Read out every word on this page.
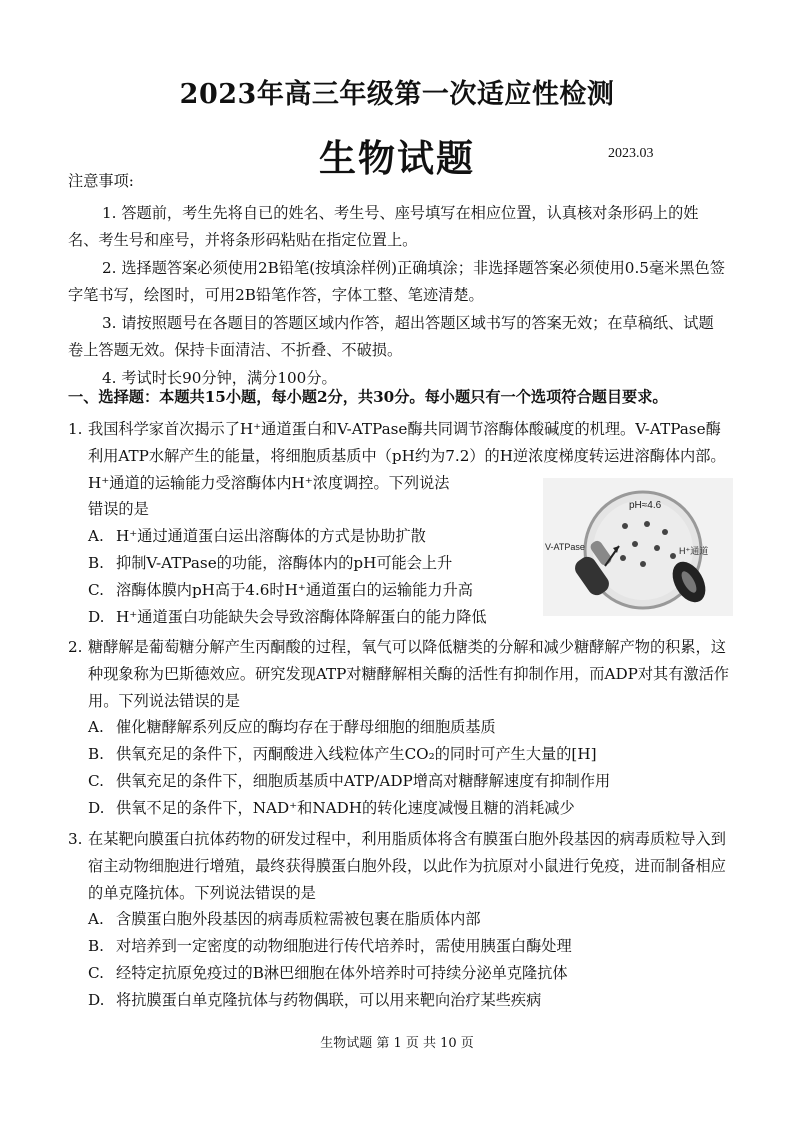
2023年高三年级第一次适应性检测
生物试题	2023.03
注意事项:

1. 答题前，考生先将自已的姓名、考生号、座号填写在相应位置，认真核对条形码上的姓名、考生号和座号，并将条形码粘贴在指定位置上。

2. 选择题答案必须使用2B铅笔(按填涂样例)正确填涂；非选择题答案必须使用0.5毫米黑色签字笔书写，绘图时，可用2B铅笔作答，字体工整、笔迹清楚。

3. 请按照题号在各题目的答题区域内作答，超出答题区域书写的答案无效；在草稿纸、试题卷上答题无效。保持卡面清洁、不折叠、不破损。

4. 考试时长90分钟，满分100分。

一、选择题：本题共15小题，每小题2分，共30分。每小题只有一个选项符合题目要求。

1. 我国科学家首次揭示了H⁺通道蛋白和V-ATPase酶共同调节溶酶体酸碱度的机理。V-ATPase酶利用ATP水解产生的能量，将细胞质基质中（pH约为7.2）的H逆浓度梯度转运进溶酶体内部。H⁺通道的运输能力受溶酶体内H⁺浓度调控。下列说法

错误的是

A. H⁺通过通道蛋白运出溶酶体的方式是协助扩散
B. 抑制V-ATPase的功能，溶酶体内的pH可能会上升
C. 溶酶体膜内pH高于4.6时H⁺通道蛋白的运输能力升高
D. H⁺通道蛋白功能缺失会导致溶酶体降解蛋白的能力降低
pH≈4.6
V-ATPase	H⁺通道

2. 糖酵解是葡萄糖分解产生丙酮酸的过程，氧气可以降低糖类的分解和减少糖酵解产物的积累，这种现象称为巴斯德效应。研究发现ATP对糖酵解相关酶的活性有抑制作用，而ADP对其有激活作用。下列说法错误的是

A. 催化糖酵解系列反应的酶均存在于酵母细胞的细胞质基质
B. 供氧充足的条件下，丙酮酸进入线粒体产生CO₂的同时可产生大量的[H]
C. 供氧充足的条件下，细胞质基质中ATP/ADP增高对糖酵解速度有抑制作用
D. 供氧不足的条件下，NAD⁺和NADH的转化速度减慢且糖的消耗减少

3. 在某靶向膜蛋白抗体药物的研发过程中，利用脂质体将含有膜蛋白胞外段基因的病毒质粒导入到宿主动物细胞进行增殖，最终获得膜蛋白胞外段，以此作为抗原对小鼠进行免疫，进而制备相应的单克隆抗体。下列说法错误的是

A. 含膜蛋白胞外段基因的病毒质粒需被包裹在脂质体内部
B. 对培养到一定密度的动物细胞进行传代培养时，需使用胰蛋白酶处理
C. 经特定抗原免疫过的B淋巴细胞在体外培养时可持续分泌单克隆抗体
D. 将抗膜蛋白单克隆抗体与药物偶联，可以用来靶向治疗某些疾病
生物试题 第 1 页 共 10 页
